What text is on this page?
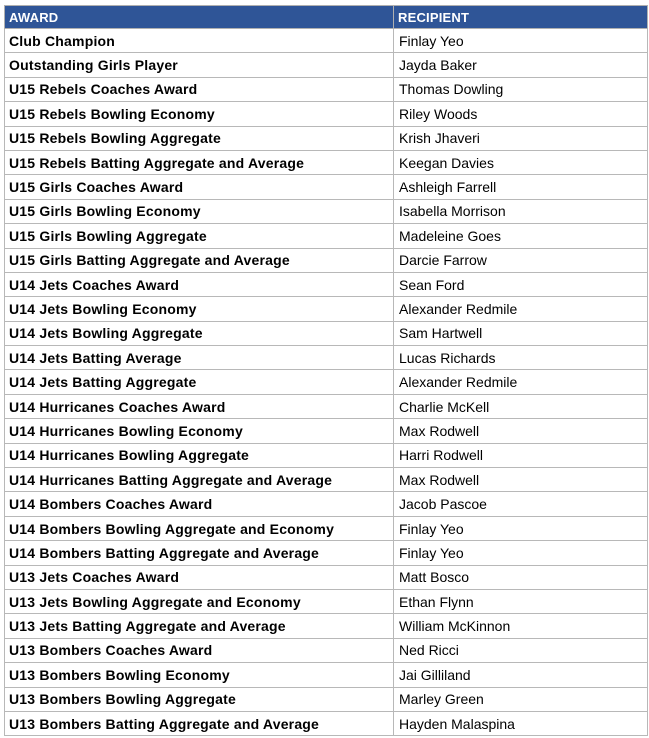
AWARD	RECIPIENT
Club Champion	Finlay Yeo
Outstanding Girls Player	Jayda Baker
U15 Rebels Coaches Award	Thomas Dowling
U15 Rebels Bowling Economy	Riley Woods
U15 Rebels Bowling Aggregate	Krish Jhaveri
U15 Rebels Batting Aggregate and Average	Keegan Davies
U15 Girls Coaches Award	Ashleigh Farrell
U15 Girls Bowling Economy	Isabella Morrison
U15 Girls Bowling Aggregate	Madeleine Goes
U15 Girls Batting Aggregate and Average	Darcie Farrow
U14 Jets Coaches Award	Sean Ford
U14 Jets Bowling Economy	Alexander Redmile
U14 Jets Bowling Aggregate	Sam Hartwell
U14 Jets Batting Average	Lucas Richards
U14 Jets Batting Aggregate	Alexander Redmile
U14 Hurricanes Coaches Award	Charlie McKell
U14 Hurricanes Bowling Economy	Max Rodwell
U14 Hurricanes Bowling Aggregate	Harri Rodwell
U14 Hurricanes Batting Aggregate and Average	Max Rodwell
U14 Bombers Coaches Award	Jacob Pascoe
U14 Bombers Bowling Aggregate and Economy	Finlay Yeo
U14 Bombers Batting Aggregate and Average	Finlay Yeo
U13 Jets Coaches Award	Matt Bosco
U13 Jets Bowling Aggregate and Economy	Ethan Flynn
U13 Jets Batting Aggregate and Average	William McKinnon
U13 Bombers Coaches Award	Ned Ricci
U13 Bombers Bowling Economy	Jai Gilliland
U13 Bombers Bowling Aggregate	Marley Green
U13 Bombers Batting Aggregate and Average	Hayden Malaspina
